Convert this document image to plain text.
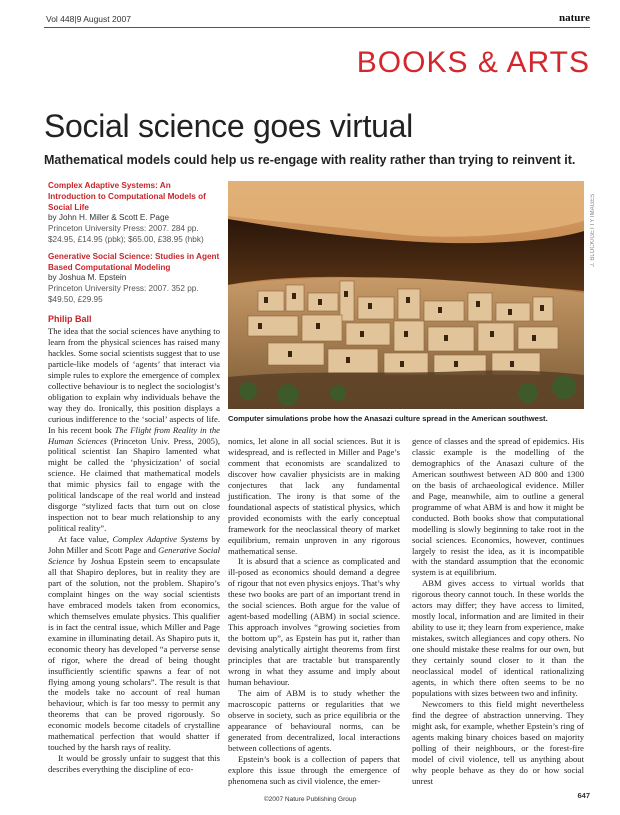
Vol 448|9 August 2007	nature
BOOKS & ARTS
Social science goes virtual
Mathematical models could help us re-engage with reality rather than trying to reinvent it.
Complex Adaptive Systems: An Introduction to Computational Models of Social Life
by John H. Miller & Scott E. Page
Princeton University Press: 2007. 284 pp.
$24.95, £14.95 (pbk); $65.00, £38.95 (hbk)
Generative Social Science: Studies in Agent Based Computational Modeling
by Joshua M. Epstein
Princeton University Press: 2007. 352 pp.
$49.50, £29.95
Philip Ball

The idea that the social sciences have anything to learn from the physical sciences has raised many hackles. Some social scientists suggest that to use particle-like models of ‘agents’ that interact via simple rules to explore the emergence of complex collective behaviour is to neglect the sociologist’s obligation to explain why individuals behave the way they do. Ironically, this position displays a curious indifference to the ‘social’ aspects of life. In his recent book The Flight from Reality in the Human Sciences (Princeton Univ. Press, 2005), political scientist Ian Shapiro lamented what might be called the ‘physicization’ of social science. He claimed that mathematical models that mimic physics fail to engage with the political landscape of the real world and instead disgorge “stylized facts that turn out on close inspection not to bear much relationship to any political reality”.

At face value, Complex Adaptive Systems by John Miller and Scott Page and Generative Social Science by Joshua Epstein seem to encapsulate all that Shapiro deplores, but in reality they are part of the solution, not the problem. Shapiro’s complaint hinges on the way social scientists have embraced models taken from economics, which themselves emulate physics. This qualifier is in fact the central issue, which Miller and Page examine in illuminating detail. As Shapiro puts it, economic theory has developed “a perverse sense of rigor, where the dread of being thought insufficiently scientific spawns a fear of not flying among young scholars”. The result is that the models take no account of real human behaviour, which is far too messy to permit any theorems that can be proved rigorously. So economic models become citadels of crystalline mathematical perfection that would shatter if touched by the harsh rays of reality.

It would be grossly unfair to suggest that this describes everything the discipline of eco-

J. BLOCK/GETTY IMAGES
Computer simulations probe how the Anasazi culture spread in the American southwest.

nomics, let alone in all social sciences. But it is widespread, and is reflected in Miller and Page’s comment that economists are scandalized to discover how cavalier physicists are in making conjectures that lack any fundamental justification. The irony is that some of the foundational aspects of statistical physics, which provided economists with the early conceptual framework for the neoclassical theory of market equilibrium, remain unproven in any rigorous mathematical sense.

It is absurd that a science as complicated and ill-posed as economics should demand a degree of rigour that not even physics enjoys. That’s why these two books are part of an important trend in the social sciences. Both argue for the value of agent-based modelling (ABM) in social science. This approach involves “growing societies from the bottom up”, as Epstein has put it, rather than devising analytically airtight theorems from first principles that are tractable but transparently wrong in what they assume and imply about human behaviour.

The aim of ABM is to study whether the macroscopic patterns or regularities that we observe in society, such as price equilibria or the appearance of behavioural norms, can be generated from decentralized, local interactions between collections of agents.

Epstein’s book is a collection of papers that explore this issue through the emergence of phenomena such as civil violence, the emer-

gence of classes and the spread of epidemics. His classic example is the modelling of the demographics of the Anasazi culture of the American southwest between AD 800 and 1300 on the basis of archaeological evidence. Miller and Page, meanwhile, aim to outline a general programme of what ABM is and how it might be conducted. Both books show that computational modelling is slowly beginning to take root in the social sciences. Economics, however, continues largely to resist the idea, as it is incompatible with the standard assumption that the economic system is at equilibrium.

ABM gives access to virtual worlds that rigorous theory cannot touch. In these worlds the actors may differ; they have access to limited, mostly local, information and are limited in their ability to use it; they learn from experience, make mistakes, switch allegiances and copy others. No one should mistake these realms for our own, but they certainly sound closer to it than the neoclassical model of identical rationalizing agents, in which there often seems to be no populations with sizes between two and infinity.

Newcomers to this field might nevertheless find the degree of abstraction unnerving. They might ask, for example, whether Epstein’s ring of agents making binary choices based on majority polling of their neighbours, or the forest-fire model of civil violence, tell us anything about why people behave as they do or how social unrest

©2007 Nature Publishing Group	647
